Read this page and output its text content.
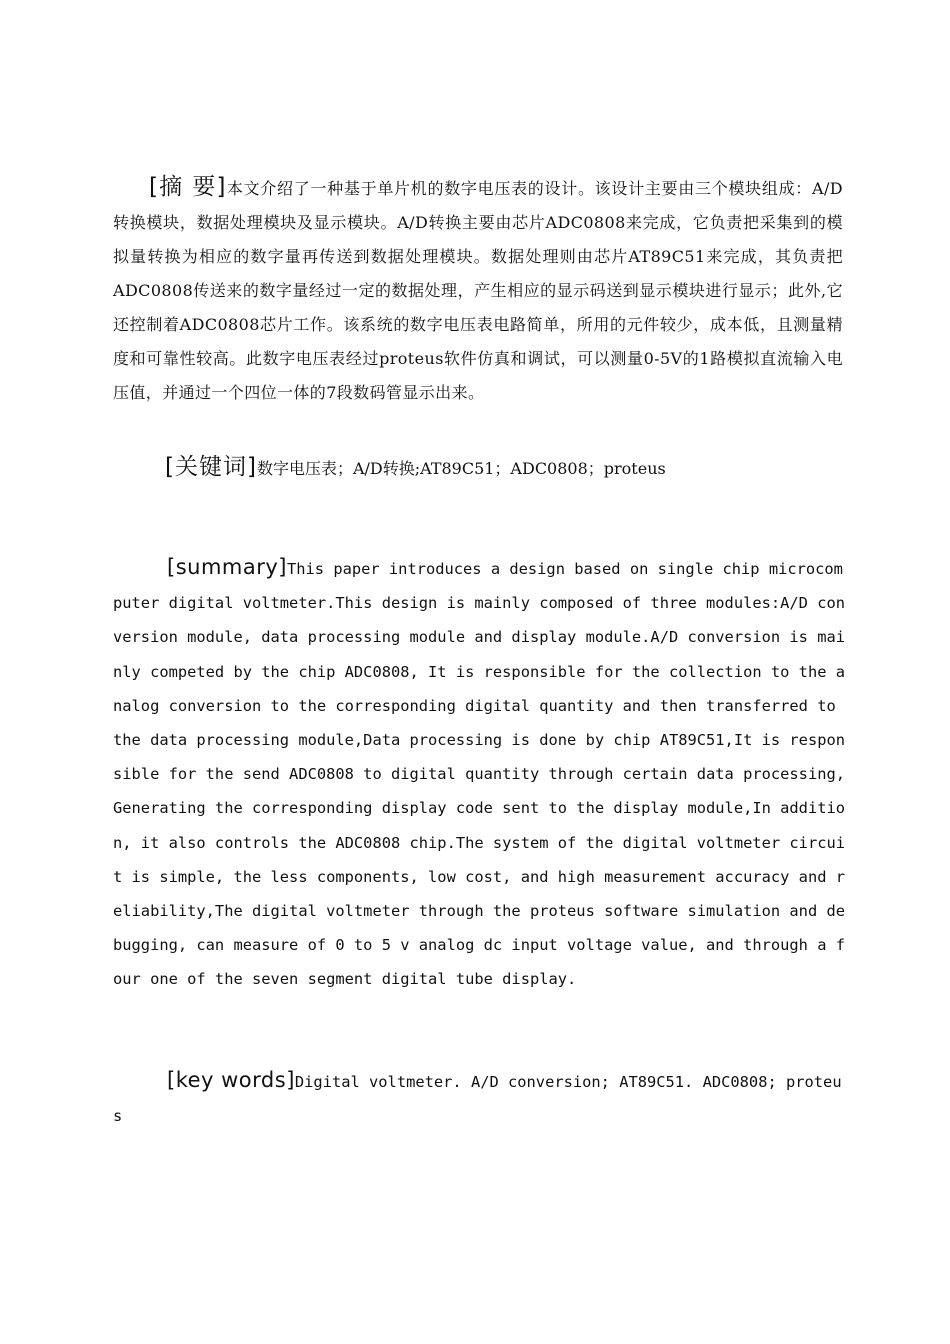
[摘 要]本文介绍了一种基于单片机的数字电压表的设计。该设计主要由三个模块组成：A/D转换模块，数据处理模块及显示模块。A/D转换主要由芯片ADC0808来完成，它负责把采集到的模拟量转换为相应的数字量再传送到数据处理模块。数据处理则由芯片AT89C51来完成，其负责把ADC0808传送来的数字量经过一定的数据处理，产生相应的显示码送到显示模块进行显示；此外,它还控制着ADC0808芯片工作。该系统的数字电压表电路简单，所用的元件较少，成本低，且测量精度和可靠性较高。此数字电压表经过proteus软件仿真和调试，可以测量0-5V的1路模拟直流输入电压值，并通过一个四位一体的7段数码管显示出来。

[关键词]数字电压表；A/D转换;AT89C51；ADC0808；proteus

[summary]This paper introduces a design based on single chip microcomputer digital voltmeter.This design is mainly composed of three modules:A/D conversion module, data processing module and display module.A/D conversion is mainly competed by the chip ADC0808, It is responsible for the collection to the analog conversion to the corresponding digital quantity and then transferred to the data processing module,Data processing is done by chip AT89C51,It is responsible for the send ADC0808 to digital quantity through certain data processing,Generating the corresponding display code sent to the display module,In addition, it also controls the ADC0808 chip.The system of the digital voltmeter circuit is simple, the less components, low cost, and high measurement accuracy and reliability,The digital voltmeter through the proteus software simulation and debugging, can measure of 0 to 5 v analog dc input voltage value, and through a four one of the seven segment digital tube display.

[key words]Digital voltmeter. A/D conversion; AT89C51. ADC0808; proteus
